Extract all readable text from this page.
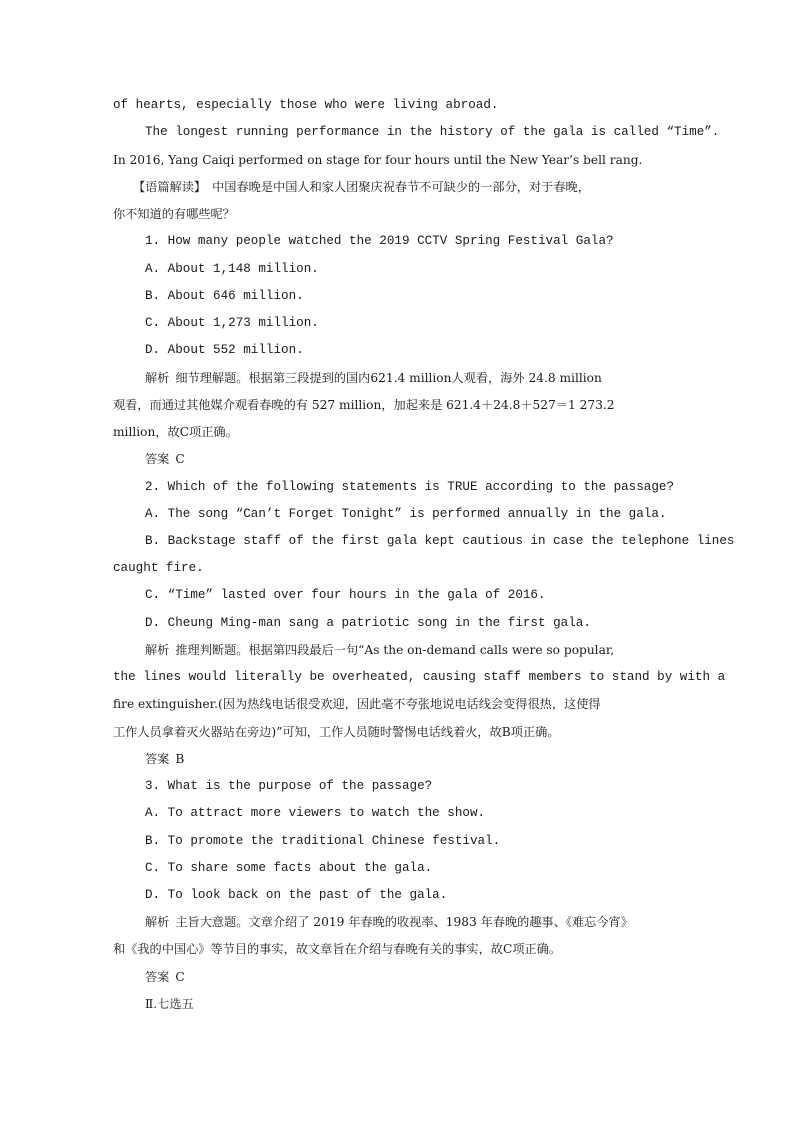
of hearts, especially those who were living abroad.
The longest running performance in the history of the gala is called “Time”.
In 2016, Yang Caiqi performed on stage for four hours until the New Year’s bell rang.
【语篇解读】 中国春晚是中国人和家人团聚庆祝春节不可缺少的一部分，对于春晚，
你不知道的有哪些呢？
1. How many people watched the 2019 CCTV Spring Festival Gala?
A. About 1,148 million.
B. About 646 million.
C. About 1,273 million.
D. About 552 million.
解析 细节理解题。根据第三段提到的国内621.4 million人观看，海外 24.8 million
观看，而通过其他媒介观看春晚的有 527 million，加起来是 621.4＋24.8＋527＝1 273.2
million，故C项正确。
答案 C
2. Which of the following statements is TRUE according to the passage?
A. The song “Can’t Forget Tonight” is performed annually in the gala.
B. Backstage staff of the first gala kept cautious in case the telephone lines
caught fire.
C. “Time” lasted over four hours in the gala of 2016.
D. Cheung Ming-man sang a patriotic song in the first gala.
解析 推理判断题。根据第四段最后一句“As the on-demand calls were so popular,
the lines would literally be overheated, causing staff members to stand by with a
fire extinguisher.(因为热线电话很受欢迎，因此毫不夸张地说电话线会变得很热，这使得
工作人员拿着灭火器站在旁边)”可知，工作人员随时警惕电话线着火，故B项正确。
答案 B
3. What is the purpose of the passage?
A. To attract more viewers to watch the show.
B. To promote the traditional Chinese festival.
C. To share some facts about the gala.
D. To look back on the past of the gala.
解析 主旨大意题。文章介绍了 2019 年春晚的收视率、1983 年春晚的趣事、《难忘今宵》
和《我的中国心》等节目的事实，故文章旨在介绍与春晚有关的事实，故C项正确。
答案 C
Ⅱ.七选五
